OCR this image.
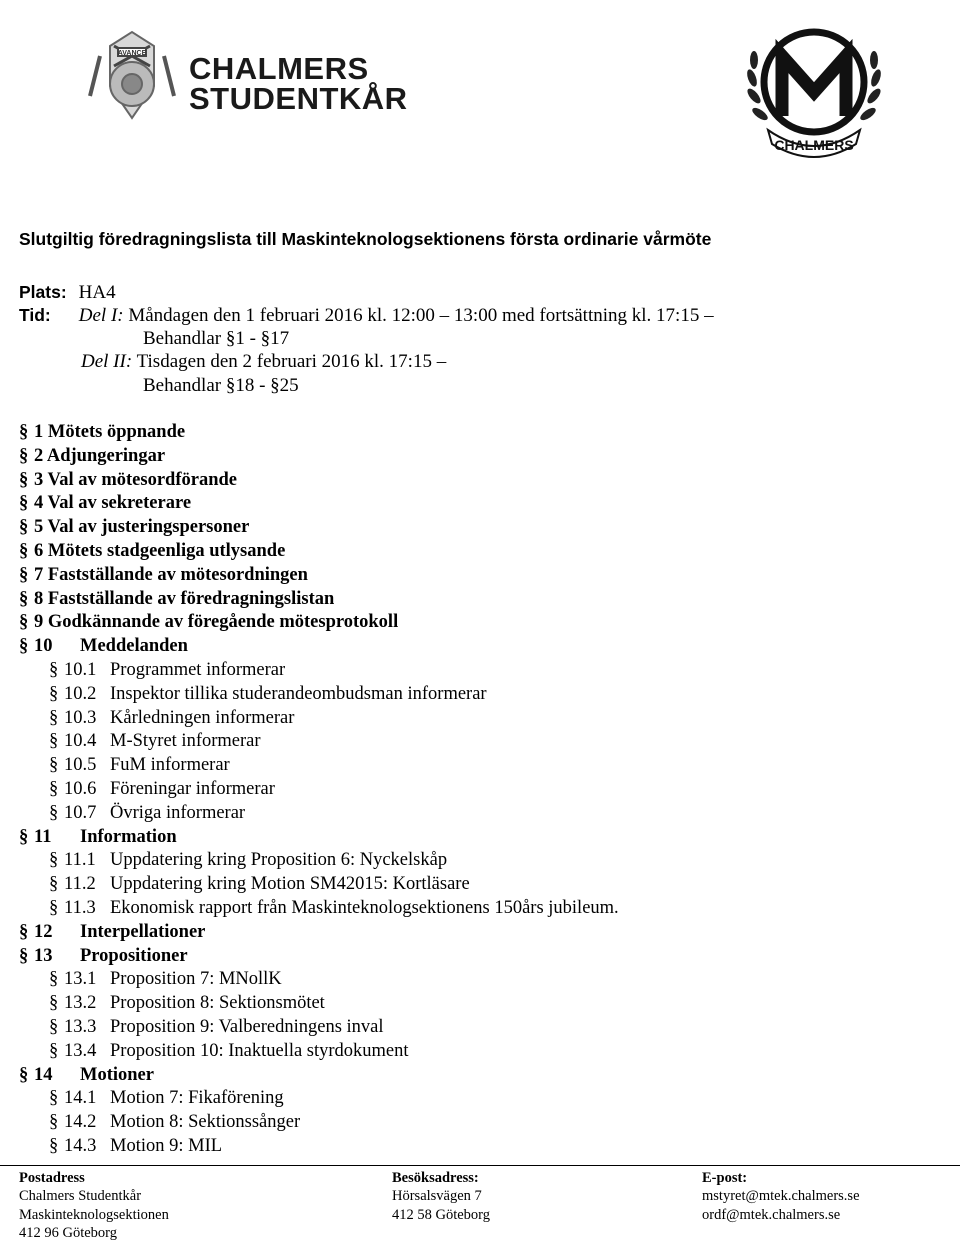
AVANCE CHALMERS
STUDENTKÅR
CHALMERS
Slutgiltig föredragningslista till Maskinteknologsektionens första ordinarie vårmöte
Plats: HA4
Tid: Del I: Måndagen den 1 februari 2016 kl. 12:00 – 13:00 med fortsättning kl. 17:15 –
Behandlar §1 - §17
Del II: Tisdagen den 2 februari 2016 kl. 17:15 –
Behandlar §18 - §25
§ 1 Mötets öppnande
§ 2 Adjungeringar
§ 3 Val av mötesordförande
§ 4 Val av sekreterare
§ 5 Val av justeringspersoner
§ 6 Mötets stadgeenliga utlysande
§ 7 Fastställande av mötesordningen
§ 8 Fastställande av föredragningslistan
§ 9 Godkännande av föregående mötesprotokoll
§ 10 Meddelanden
§ 10.1 Programmet informerar
§ 10.2 Inspektor tillika studerandeombudsman informerar
§ 10.3 Kårledningen informerar
§ 10.4 M-Styret informerar
§ 10.5 FuM informerar
§ 10.6 Föreningar informerar
§ 10.7 Övriga informerar
§ 11 Information
§ 11.1 Uppdatering kring Proposition 6: Nyckelskåp
§ 11.2 Uppdatering kring Motion SM42015: Kortläsare
§ 11.3 Ekonomisk rapport från Maskinteknologsektionens 150års jubileum.
§ 12 Interpellationer
§ 13 Propositioner
§ 13.1 Proposition 7: MNollK
§ 13.2 Proposition 8: Sektionsmötet
§ 13.3 Proposition 9: Valberedningens inval
§ 13.4 Proposition 10: Inaktuella styrdokument
§ 14 Motioner
§ 14.1 Motion 7: Fikaförening
§ 14.2 Motion 8: Sektionssånger
§ 14.3 Motion 9: MIL
Postadress
Chalmers Studentkår
Maskinteknologsektionen
412 96 Göteborg
Besöksadress:
Hörsalsvägen 7
412 58 Göteborg
E-post:
mstyret@mtek.chalmers.se
ordf@mtek.chalmers.se
